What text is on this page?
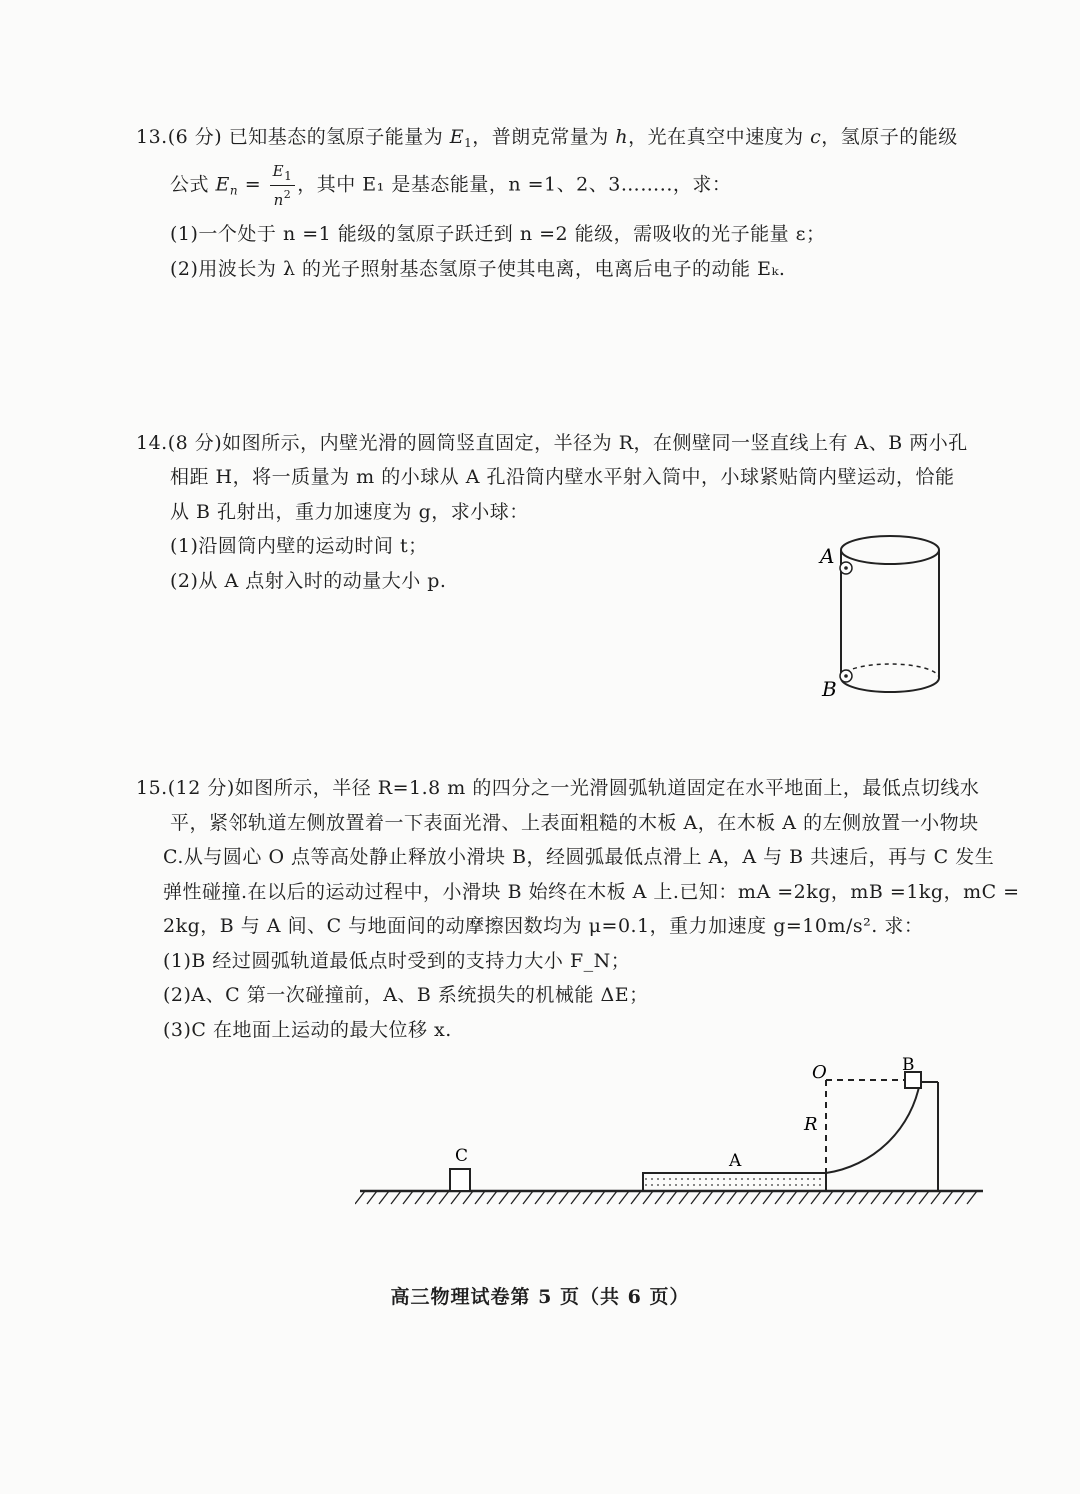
13.(6 分) 已知基态的氢原子能量为 $E_1$，普朗克常量为 h，光在真空中速度为 c，氢原子的能级
公式 $E_n = \frac{E_1}{n^2}$ ，其中 E₁ 是基态能量，n =1、2、3……..，求：
(1)一个处于 n =1 能级的氢原子跃迁到 n =2 能级，需吸收的光子能量 ε；
(2)用波长为 λ 的光子照射基态氢原子使其电离，电离后电子的动能 Eₖ.
14.(8 分)如图所示，内壁光滑的圆筒竖直固定，半径为 R，在侧壁同一竖直线上有 A、B 两小孔
相距 H，将一质量为 m 的小球从 A 孔沿筒内壁水平射入筒中，小球紧贴筒内壁运动，恰能
从 B 孔射出，重力加速度为 g，求小球：
(1)沿圆筒内壁的运动时间 t；
(2)从 A 点射入时的动量大小 p.
A
B
15.(12 分)如图所示，半径 R=1.8 m 的四分之一光滑圆弧轨道固定在水平地面上，最低点切线水
平，紧邻轨道左侧放置着一下表面光滑、上表面粗糙的木板 A，在木板 A 的左侧放置一小物块
C.从与圆心 O 点等高处静止释放小滑块 B，经圆弧最低点滑上 A，A 与 B 共速后，再与 C 发生
弹性碰撞.在以后的运动过程中，小滑块 B 始终在木板 A 上.已知：mA =2kg，mB =1kg，mC =
2kg，B 与 A 间、C 与地面间的动摩擦因数均为 μ=0.1，重力加速度 g=10m/s². 求：
(1)B 经过圆弧轨道最低点时受到的支持力大小 F_N；
(2)A、C 第一次碰撞前，A、B 系统损失的机械能 ΔE；
(3)C 在地面上运动的最大位移 x.
C	A
B
O
R
高三物理试卷第 5 页（共 6 页）
